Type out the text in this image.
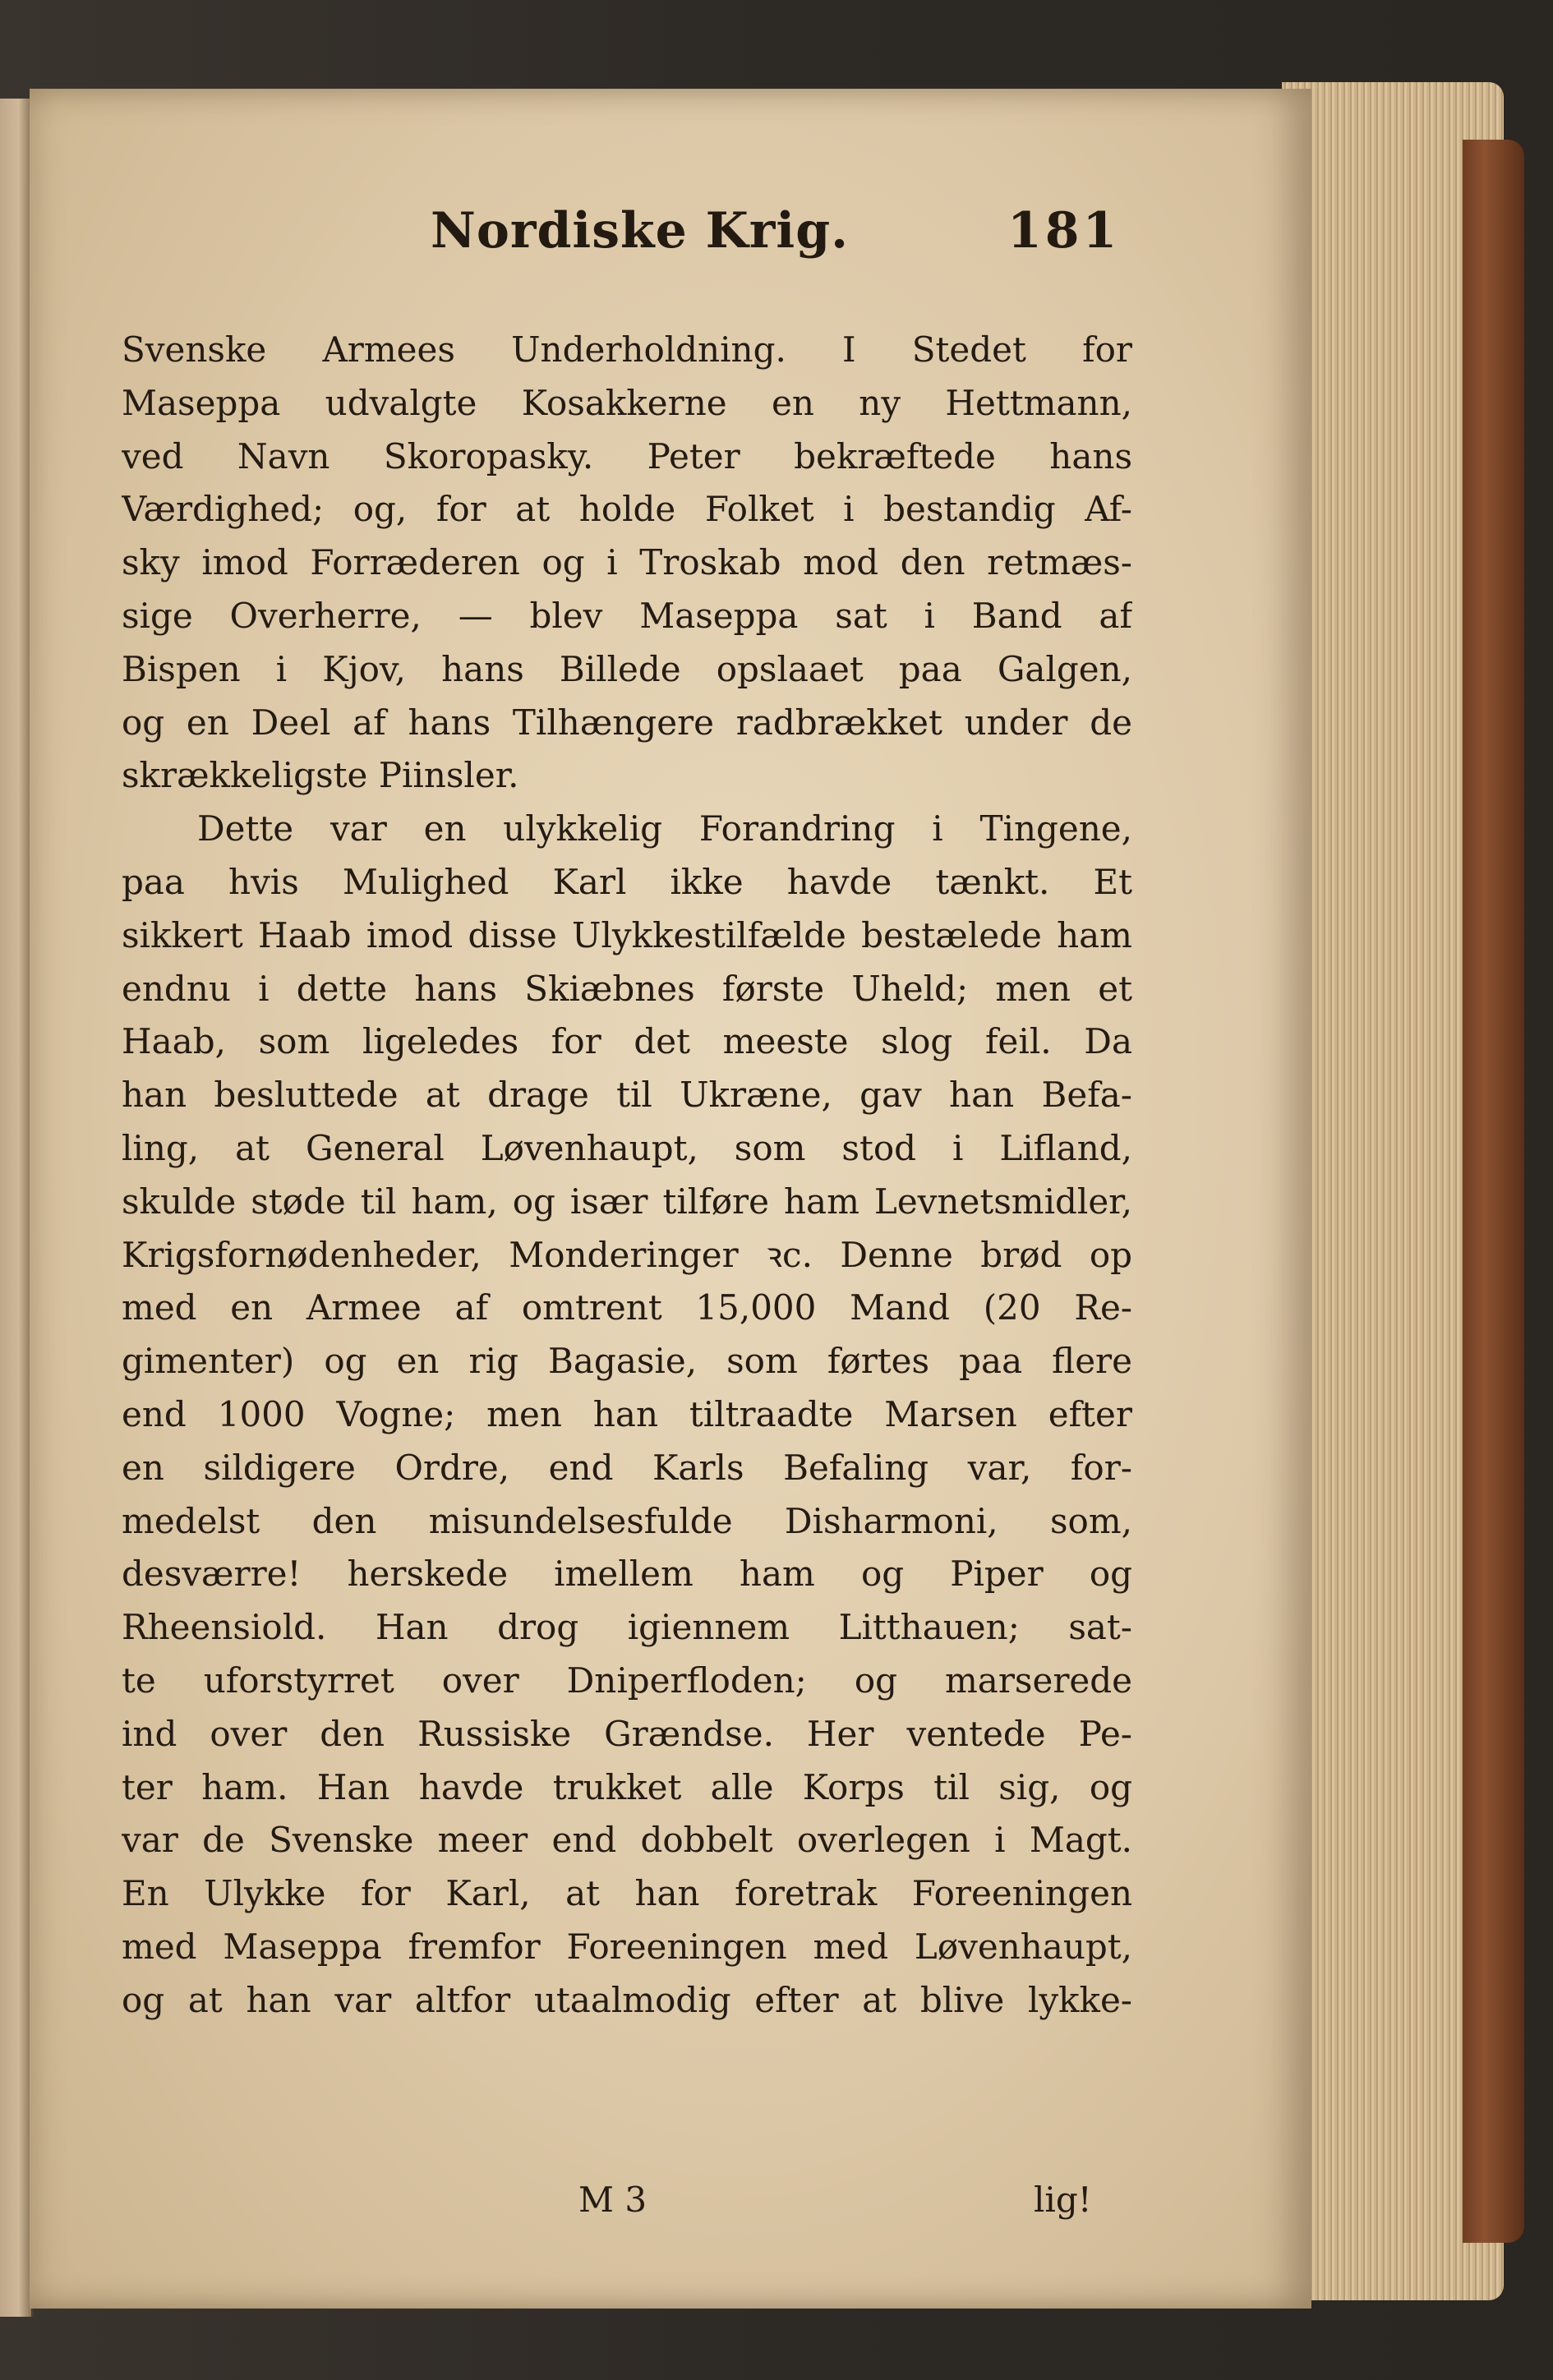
Nordiske Krig.	181
Svenske Armees Underholdning. I Stedet for
Maseppa udvalgte Kosakkerne en ny Hettmann,
ved Navn Skoropasky. Peter bekræftede hans
Værdighed; og, for at holde Folket i bestandig Af-
sky imod Forræderen og i Troskab mod den retmæs-
sige Overherre, — blev Maseppa sat i Band af
Bispen i Kjov, hans Billede opslaaet paa Galgen,
og en Deel af hans Tilhængere radbrækket under de
skrækkeligste Piinsler.
Dette var en ulykkelig Forandring i Tingene,
paa hvis Mulighed Karl ikke havde tænkt. Et
sikkert Haab imod disse Ulykkestilfælde bestælede ham
endnu i dette hans Skiæbnes første Uheld; men et
Haab, som ligeledes for det meeste slog feil. Da
han besluttede at drage til Ukræne, gav han Befa-
ling, at General Løvenhaupt, som stod i Lifland,
skulde støde til ham, og især tilføre ham Levnetsmidler,
Krigsfornødenheder, Monderinger ꝛc. Denne brød op
med en Armee af omtrent 15,000 Mand (20 Re-
gimenter) og en rig Bagasie, som førtes paa flere
end 1000 Vogne; men han tiltraadte Marsen efter
en sildigere Ordre, end Karls Befaling var, for-
medelst den misundelsesfulde Disharmoni, som,
desværre! herskede imellem ham og Piper og
Rheensiold. Han drog igiennem Litthauen; sat-
te uforstyrret over Dniperfloden; og marserede
ind over den Russiske Grændse. Her ventede Pe-
ter ham. Han havde trukket alle Korps til sig, og
var de Svenske meer end dobbelt overlegen i Magt.
En Ulykke for Karl, at han foretrak Foreeningen
med Maseppa fremfor Foreeningen med Løvenhaupt,
og at han var altfor utaalmodig efter at blive lykke-
M 3	lig!
